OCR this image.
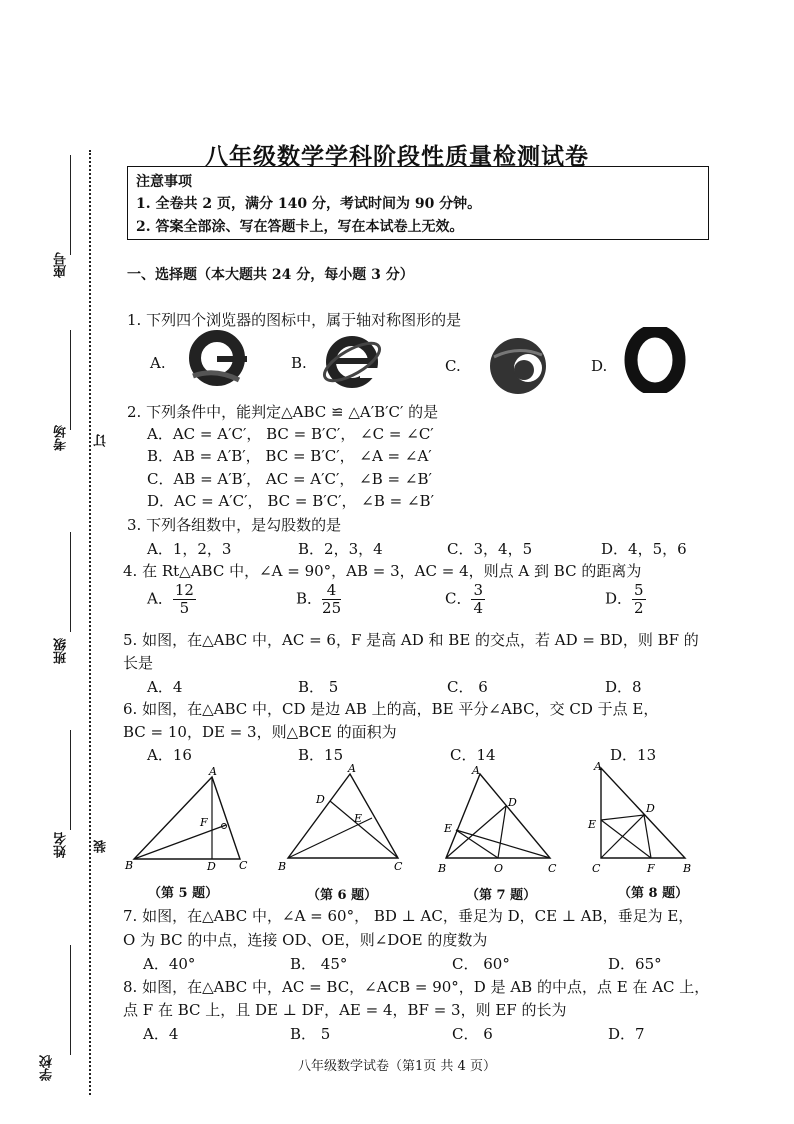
八年级数学学科阶段性质量检测试卷
注意事项
1. 全卷共 2 页，满分 140 分，考试时间为 90 分钟。
2. 答案全部涂、写在答题卡上，写在本试卷上无效。
座号
考场 订
班级
姓名 装
学校
一、选择题（本大题共 24 分，每小题 3 分）
1. 下列四个浏览器的图标中，属于轴对称图形的是
A.	B.	C.	D.
2. 下列条件中，能判定△ABC ≌ △A′B′C′ 的是
A．AC = A′C′， BC = B′C′， ∠C = ∠C′
B．AB = A′B′， BC = B′C′， ∠A = ∠A′
C．AB = A′B′， AC = A′C′， ∠B = ∠B′
D．AC = A′C′， BC = B′C′， ∠B = ∠B′
3. 下列各组数中，是勾股数的是
A．1，2，3	B．2，3，4	C．3，4，5	D．4，5，6
4. 在 Rt△ABC 中，∠A = 90°，AB = 3，AC = 4，则点 A 到 BC 的距离为
A． $\frac{12}{5}$	B． $\frac{4}{25}$	C． $\frac{3}{4}$	D． $\frac{5}{2}$
5. 如图，在△ABC 中，AC = 6，F 是高 AD 和 BE 的交点，若 AD = BD，则 BF 的
长是
A．4	B． 5	C． 6	D．8
6. 如图，在△ABC 中，CD 是边 AB 上的高，BE 平分∠ABC，交 CD 于点 E，
BC = 10，DE = 3，则△BCE 的面积为
A．16	B．15	C．14	D．13
A
B	C
D
F
（第 5 题）
A
B	C
D
E
（第 6 题）
A
B	C
D
E
O
（第 7 题）
A
C	B
D
E
F
（第 8 题）
7. 如图，在△ABC 中，∠A = 60°， BD ⊥ AC，垂足为 D，CE ⊥ AB，垂足为 E，
O 为 BC 的中点，连接 OD、OE，则∠DOE 的度数为
A．40°	B． 45°	C． 60°	D．65°
8. 如图，在△ABC 中，AC = BC，∠ACB = 90°，D 是 AB 的中点，点 E 在 AC 上，
点 F 在 BC 上，且 DE ⊥ DF，AE = 4，BF = 3，则 EF 的长为
A．4	B． 5	C． 6	D．7
八年级数学试卷（第1页 共 4 页）
